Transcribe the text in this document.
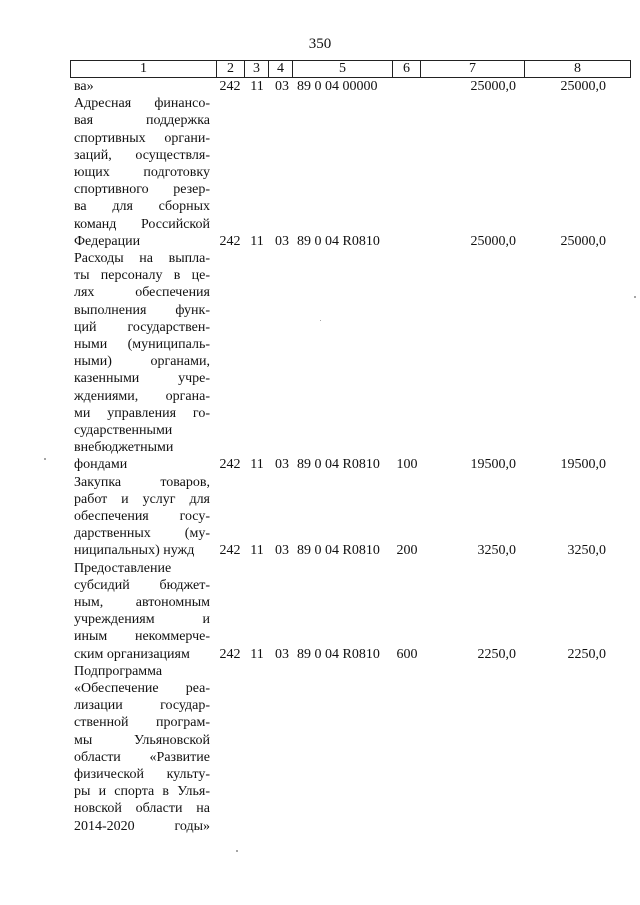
350
1	2	3	4	5	6	7	8
ва»	242 11 03 89 0 04 00000	25000,0	25000,0
Адресная финансо-
вая поддержка
спортивных органи-
заций, осуществля-
ющих подготовку
спортивного резер-
ва для сборных
команд Российской
Федерации	242 11 03 89 0 04 R0810	25000,0	25000,0
Расходы на выпла-
ты персоналу в це-
лях обеспечения
выполнения функ-
ций государствен-
ными (муниципаль-
ными) органами,
казенными учре-
ждениями, органа-
ми управления го-
сударственными
внебюджетными
фондами	242 11 03 89 0 04 R0810	100	19500,0	19500,0
Закупка товаров,
работ и услуг для
обеспечения госу-
дарственных (му-
ниципальных) нужд	242 11 03 89 0 04 R0810	200	3250,0	3250,0
Предоставление
субсидий бюджет-
ным, автономным
учреждениям и
иным некоммерче-
ским организациям	242 11 03 89 0 04 R0810	600	2250,0	2250,0
Подпрограмма
«Обеспечение реа-
лизации государ-
ственной програм-
мы Ульяновской
области «Развитие
физической культу-
ры и спорта в Улья-
новской области на
2014-2020 годы»
